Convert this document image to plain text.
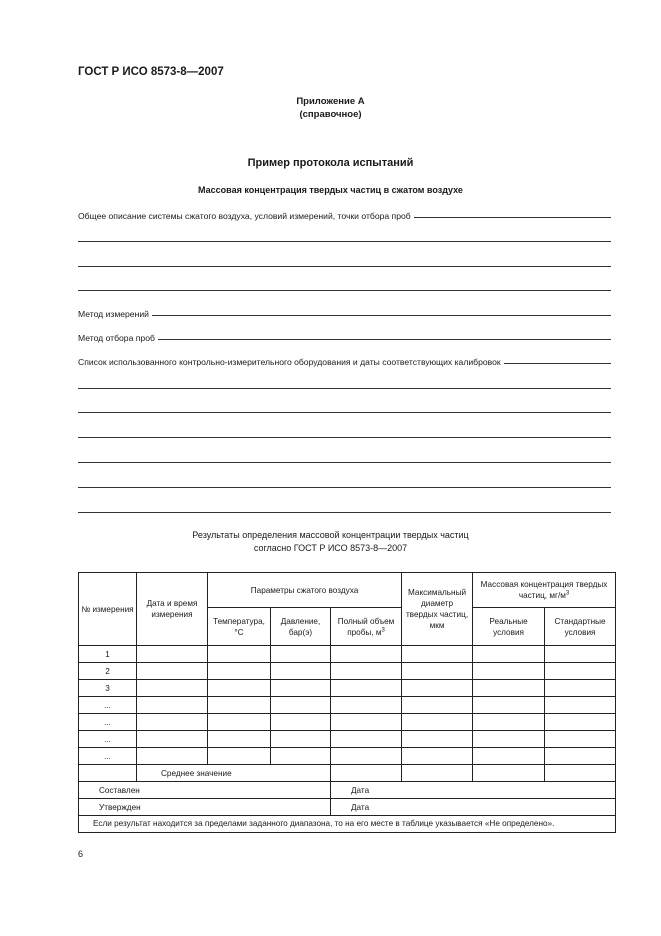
ГОСТ Р ИСО 8573-8—2007
Приложение А
(справочное)
Пример протокола испытаний
Массовая концентрация твердых частиц в сжатом воздухе
Общее описание системы сжатого воздуха, условий измерений, точки отбора проб
Метод измерений
Метод отбора проб
Список использованного контрольно-измерительного оборудования и даты соответствующих калибровок
Результаты определения массовой концентрации твердых частиц
согласно ГОСТ Р ИСО 8573-8—2007
№ измерения	Дата и время измерения	Параметры сжатого воздуха			Максимальный диаметр твердых частиц, мкм	Массовая концентрация твердых частиц, $мг/м^3$
		Температура, °С	Давление, бар(э)	Полный объем пробы, $м^3$		Реальные условия	Стандартные условия
1							
2							
3							
...							
...							
...							
...							
	Среднее значение						
Составлен				Дата			
Утвержден				Дата			
Если результат находится за пределами заданного диапазона, то на его месте в таблице указывается «Не определено».							
6
